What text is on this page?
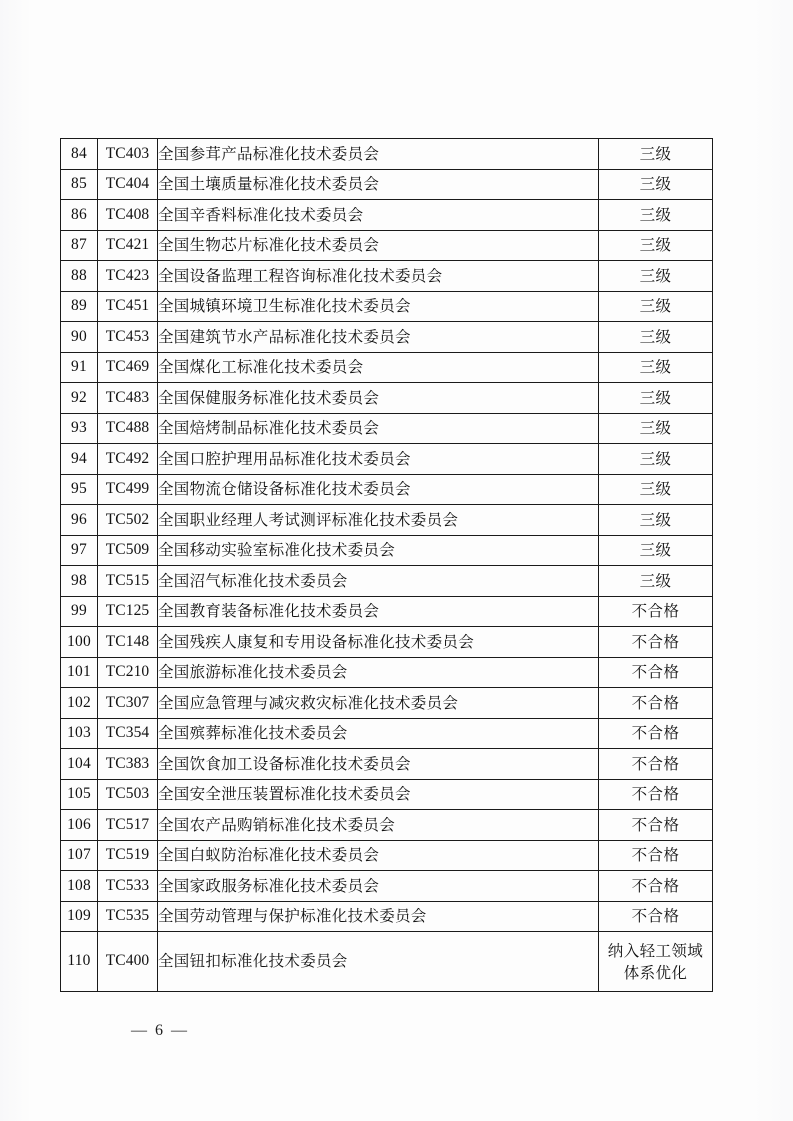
84	TC403	全国参茸产品标准化技术委员会	三级
85	TC404	全国土壤质量标准化技术委员会	三级
86	TC408	全国辛香料标准化技术委员会	三级
87	TC421	全国生物芯片标准化技术委员会	三级
88	TC423	全国设备监理工程咨询标准化技术委员会	三级
89	TC451	全国城镇环境卫生标准化技术委员会	三级
90	TC453	全国建筑节水产品标准化技术委员会	三级
91	TC469	全国煤化工标准化技术委员会	三级
92	TC483	全国保健服务标准化技术委员会	三级
93	TC488	全国焙烤制品标准化技术委员会	三级
94	TC492	全国口腔护理用品标准化技术委员会	三级
95	TC499	全国物流仓储设备标准化技术委员会	三级
96	TC502	全国职业经理人考试测评标准化技术委员会	三级
97	TC509	全国移动实验室标准化技术委员会	三级
98	TC515	全国沼气标准化技术委员会	三级
99	TC125	全国教育装备标准化技术委员会	不合格
100	TC148	全国残疾人康复和专用设备标准化技术委员会	不合格
101	TC210	全国旅游标准化技术委员会	不合格
102	TC307	全国应急管理与减灾救灾标准化技术委员会	不合格
103	TC354	全国殡葬标准化技术委员会	不合格
104	TC383	全国饮食加工设备标准化技术委员会	不合格
105	TC503	全国安全泄压装置标准化技术委员会	不合格
106	TC517	全国农产品购销标准化技术委员会	不合格
107	TC519	全国白蚁防治标准化技术委员会	不合格
108	TC533	全国家政服务标准化技术委员会	不合格
109	TC535	全国劳动管理与保护标准化技术委员会	不合格
110	TC400	全国钮扣标准化技术委员会	纳入轻工领域
体系优化
— 6 —
